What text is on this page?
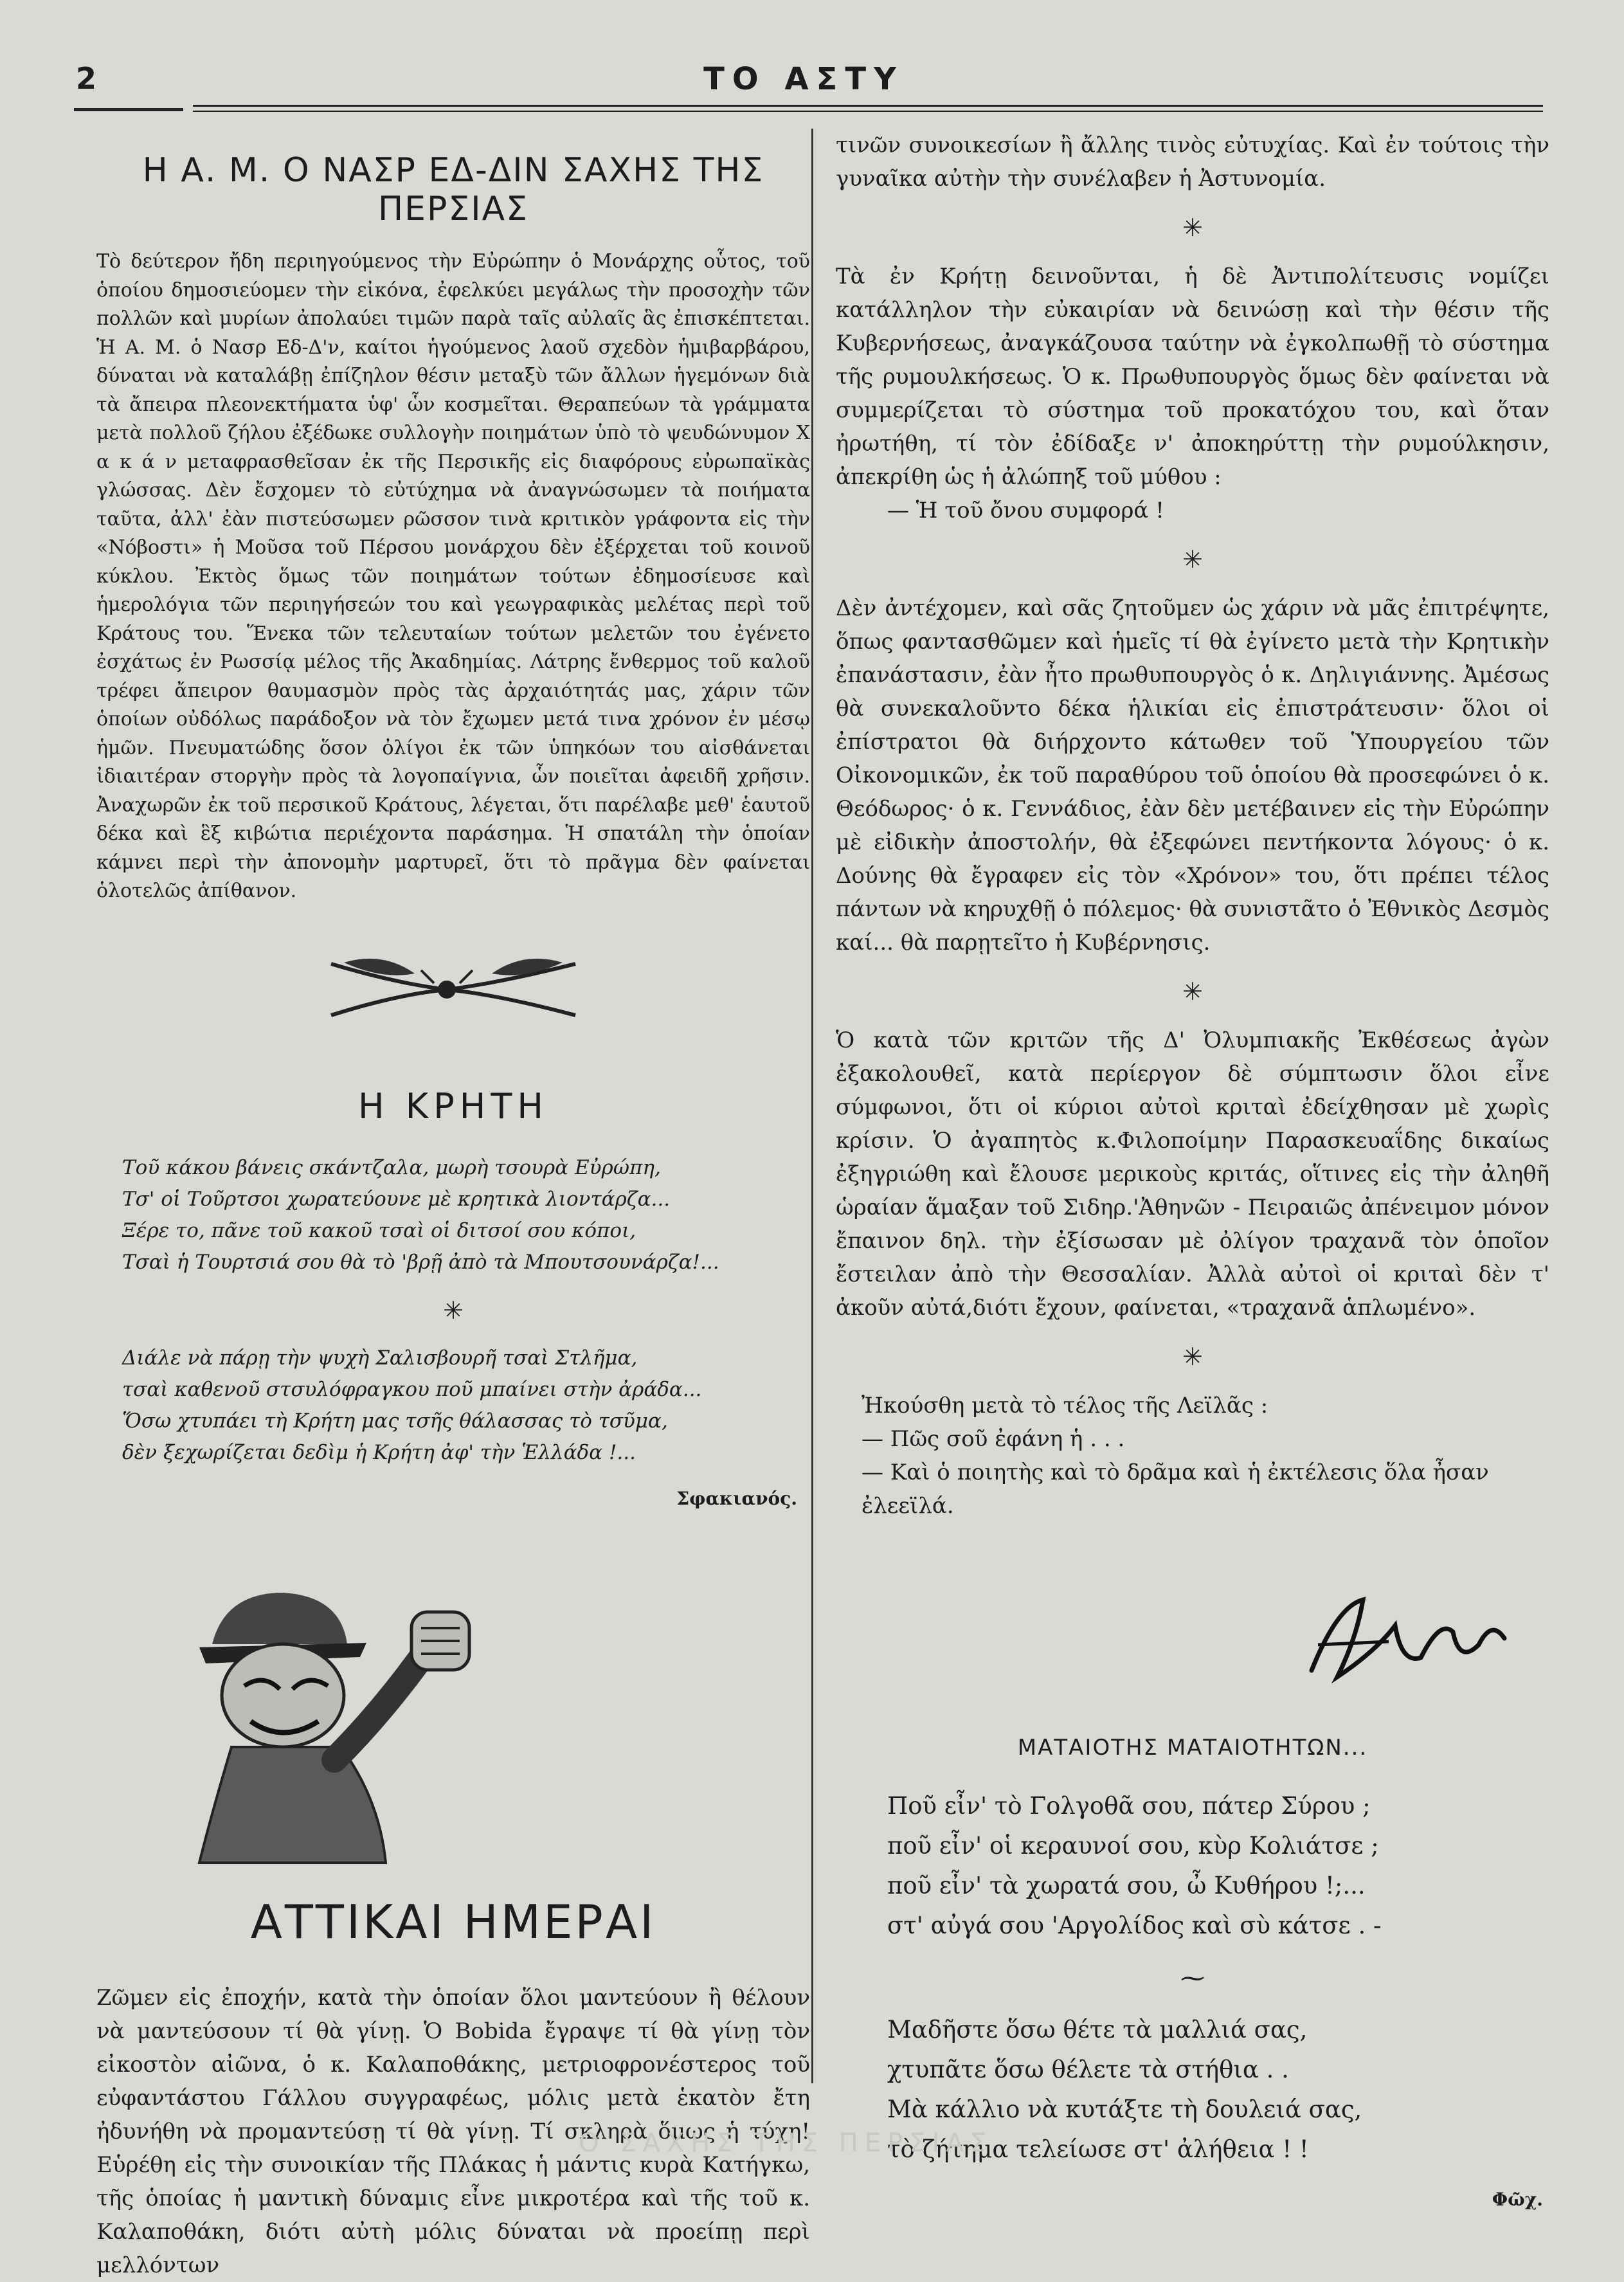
2	ΤΟ ΑΣΤΥ
Η Α. Μ. Ο ΝΑΣΡ ΕΔ-ΔΙΝ ΣΑΧΗΣ ΤΗΣ ΠΕΡΣΙΑΣ

Τὸ δεύτερον ἤδη περιηγούμενος τὴν Εὐρώπην ὁ Μονάρχης οὗτος, τοῦ ὁποίου δημοσιεύομεν τὴν εἰκόνα, ἐφελκύει μεγάλως τὴν προσοχὴν τῶν πολλῶν καὶ μυρίων ἀπολαύει τιμῶν παρὰ ταῖς αὐλαῖς ἃς ἐπισκέπτεται. Ἡ Α. Μ. ὁ Νασρ Εδ-Δ'ν, καίτοι ἡγούμενος λαοῦ σχεδὸν ἡμιβαρβάρου, δύναται νὰ καταλάβῃ ἐπίζηλον θέσιν μεταξὺ τῶν ἄλλων ἡγεμόνων διὰ τὰ ἄπειρα πλεονεκτήματα ὑφ' ὧν κοσμεῖται. Θεραπεύων τὰ γράμματα μετὰ πολλοῦ ζήλου ἐξέδωκε συλλογὴν ποιημάτων ὑπὸ τὸ ψευδώνυμον Χ α κ ά ν μεταφρασθεῖσαν ἐκ τῆς Περσικῆς εἰς διαφόρους εὐρωπαϊκὰς γλώσσας. Δὲν ἔσχομεν τὸ εὐτύχημα νὰ ἀναγνώσωμεν τὰ ποιήματα ταῦτα, ἀλλ' ἐὰν πιστεύσωμεν ρῶσσον τινὰ κριτικὸν γράφοντα εἰς τὴν «Νόβοστι» ἡ Μοῦσα τοῦ Πέρσου μονάρχου δὲν ἐξέρχεται τοῦ κοινοῦ κύκλου. Ἐκτὸς ὅμως τῶν ποιημάτων τούτων ἐδημοσίευσε καὶ ἡμερολόγια τῶν περιηγήσεών του καὶ γεωγραφικὰς μελέτας περὶ τοῦ Κράτους του. Ἕνεκα τῶν τελευταίων τούτων μελετῶν του ἐγένετο ἐσχάτως ἐν Ρωσσίᾳ μέλος τῆς Ἀκαδημίας. Λάτρης ἔνθερμος τοῦ καλοῦ τρέφει ἄπειρον θαυμασμὸν πρὸς τὰς ἀρχαιότητάς μας, χάριν τῶν ὁποίων οὐδόλως παράδοξον νὰ τὸν ἔχωμεν μετά τινα χρόνον ἐν μέσῳ ἡμῶν. Πνευματώδης ὅσον ὀλίγοι ἐκ τῶν ὑπηκόων του αἰσθάνεται ἰδιαιτέραν στοργὴν πρὸς τὰ λογοπαίγνια, ὧν ποιεῖται ἀφειδῆ χρῆσιν. Ἀναχωρῶν ἐκ τοῦ περσικοῦ Κράτους, λέγεται, ὅτι παρέλαβε μεθ' ἑαυτοῦ δέκα καὶ ἓξ κιβώτια περιέχοντα παράσημα. Ἡ σπατάλη τὴν ὁποίαν κάμνει περὶ τὴν ἀπονομὴν μαρτυρεῖ, ὅτι τὸ πρᾶγμα δὲν φαίνεται ὁλοτελῶς ἀπίθανον.

Η ΚΡΗΤΗ

Τοῦ κάκου βάνεις σκάντζαλα, μωρὴ τσουρὰ Εὐρώπη,

Τσ' οἱ Τοῦρτσοι χωρατεύουνε μὲ κρητικὰ λιοντάρζα...

Ξέρε το, πᾶνε τοῦ κακοῦ τσαὶ οἱ διτσοί σου κόποι,

Τσαὶ ἡ Τουρτσιά σου θὰ τὸ 'βρῇ ἀπὸ τὰ Μπουτσουνάρζα!...

✳

Διάλε νὰ πάρῃ τὴν ψυχὴ Σαλισβουρῆ τσαὶ Στλῆμα,

τσαὶ καθενοῦ στσυλόφραγκου ποῦ μπαίνει στὴν ἀράδα...

Ὅσω χτυπάει τὴ Κρήτη μας τσῆς θάλασσας τὸ τσῦμα,

δὲν ξεχωρίζεται δεδὶμ ἡ Κρήτη ἀφ' τὴν Ἑλλάδα !...

Σφακιανός.
ΑΤΤΙΚΑΙ ΗΜΕΡΑΙ

Ζῶμεν εἰς ἐποχήν, κατὰ τὴν ὁποίαν ὅλοι μαντεύουν ἢ θέλουν νὰ μαντεύσουν τί θὰ γίνῃ. Ὁ Bobida ἔγραψε τί θὰ γίνῃ τὸν εἰκοστὸν αἰῶνα, ὁ κ. Καλαποθάκης, μετριοφρονέστερος τοῦ εὐφαντάστου Γάλλου συγγραφέως, μόλις μετὰ ἑκατὸν ἔτη ἠδυνήθη νὰ προμαντεύσῃ τί θὰ γίνῃ. Τί σκληρὰ ὅμως ἡ τύχη! Εὑρέθη εἰς τὴν συνοικίαν τῆς Πλάκας ἡ μάντις κυρὰ Κατήγκω, τῆς ὁποίας ἡ μαντικὴ δύναμις εἶνε μικροτέρα καὶ τῆς τοῦ κ. Καλαποθάκη, διότι αὐτὴ μόλις δύναται νὰ προείπῃ περὶ μελλόντων

τινῶν συνοικεσίων ἢ ἄλλης τινὸς εὐτυχίας. Καὶ ἐν τούτοις τὴν γυναῖκα αὐτὴν τὴν συνέλαβεν ἡ Ἀστυνομία.

✳

Τὰ ἐν Κρήτῃ δεινοῦνται, ἡ δὲ Ἀντιπολίτευσις νομίζει κατάλληλον τὴν εὐκαιρίαν νὰ δεινώσῃ καὶ τὴν θέσιν τῆς Κυβερνήσεως, ἀναγκάζουσα ταύτην νὰ ἐγκολπωθῇ τὸ σύστημα τῆς ρυμουλκήσεως. Ὁ κ. Πρωθυπουργὸς ὅμως δὲν φαίνεται νὰ συμμερίζεται τὸ σύστημα τοῦ προκατόχου του, καὶ ὅταν ἠρωτήθη, τί τὸν ἐδίδαξε ν' ἀποκηρύττῃ τὴν ρυμούλκησιν, ἀπεκρίθη ὡς ἡ ἀλώπηξ τοῦ μύθου :

— Ἡ τοῦ ὄνου συμφορά !

✳

Δὲν ἀντέχομεν, καὶ σᾶς ζητοῦμεν ὡς χάριν νὰ μᾶς ἐπιτρέψητε, ὅπως φαντασθῶμεν καὶ ἡμεῖς τί θὰ ἐγίνετο μετὰ τὴν Κρητικὴν ἐπανάστασιν, ἐὰν ἦτο πρωθυπουργὸς ὁ κ. Δηλιγιάννης. Ἀμέσως θὰ συνεκαλοῦντο δέκα ἡλικίαι εἰς ἐπιστράτευσιν· ὅλοι οἱ ἐπίστρατοι θὰ διήρχοντο κάτωθεν τοῦ Ὑπουργείου τῶν Οἰκονομικῶν, ἐκ τοῦ παραθύρου τοῦ ὁποίου θὰ προσεφώνει ὁ κ. Θεόδωρος· ὁ κ. Γεννάδιος, ἐὰν δὲν μετέβαινεν εἰς τὴν Εὐρώπην μὲ εἰδικὴν ἀποστολήν, θὰ ἐξεφώνει πεντήκοντα λόγους· ὁ κ. Δούνης θὰ ἔγραφεν εἰς τὸν «Χρόνον» του, ὅτι πρέπει τέλος πάντων νὰ κηρυχθῇ ὁ πόλεμος· θὰ συνιστᾶτο ὁ Ἐθνικὸς Δεσμὸς καί... θὰ παρῃτεῖτο ἡ Κυβέρνησις.

✳

Ὁ κατὰ τῶν κριτῶν τῆς Δ' Ὀλυμπιακῆς Ἐκθέσεως ἀγὼν ἐξακολουθεῖ, κατὰ περίεργον δὲ σύμπτωσιν ὅλοι εἶνε σύμφωνοι, ὅτι οἱ κύριοι αὐτοὶ κριταὶ ἐδείχθησαν μὲ χωρὶς κρίσιν. Ὁ ἀγαπητὸς κ.Φιλοποίμην Παρασκευαΐδης δικαίως ἐξηγριώθη καὶ ἔλουσε μερικοὺς κριτάς, οἵτινες εἰς τὴν ἀληθῆ ὡραίαν ἅμαξαν τοῦ Σιδηρ.'Ἀθηνῶν - Πειραιῶς ἀπένειμον μόνον ἔπαινον δηλ. τὴν ἐξίσωσαν μὲ ὀλίγον τραχανᾶ τὸν ὁποῖον ἔστειλαν ἀπὸ τὴν Θεσσαλίαν. Ἀλλὰ αὐτοὶ οἱ κριταὶ δὲν τ' ἀκοῦν αὐτά,διότι ἔχουν, φαίνεται, «τραχανᾶ ἁπλωμένο».

✳

Ἠκούσθη μετὰ τὸ τέλος τῆς Λεϊλᾶς :

— Πῶς σοῦ ἐφάνη ἡ . . .

— Καὶ ὁ ποιητὴς καὶ τὸ δρᾶμα καὶ ἡ ἐκτέλεσις ὅλα ἦσαν ἐλεεϊλά.

ΜΑΤΑΙΟΤΗΣ ΜΑΤΑΙΟΤΗΤΩΝ...

Ποῦ εἶν' τὸ Γολγοθᾶ σου, πάτερ Σύρου ;

ποῦ εἶν' οἱ κεραυνοί σου, κὺρ Κολιάτσε ;

ποῦ εἶν' τὰ χωρατά σου, ὦ Κυθήρου !;...

στ' αὐγά σου 'Αργολίδος καὶ σὺ κάτσε . -

⁓

Μαδῆστε ὅσω θέτε τὰ μαλλιά σας,

χτυπᾶτε ὅσω θέλετε τὰ στήθια . .

Μὰ κάλλιο νὰ κυτάξτε τὴ δουλειά σας,

τὸ ζήτημα τελείωσε στ' ἀλήθεια ! !

Φῶχ.
Ο ΣΑΧΗΣ ΤΗΣ ΠΕΡΣΙΑΣ
